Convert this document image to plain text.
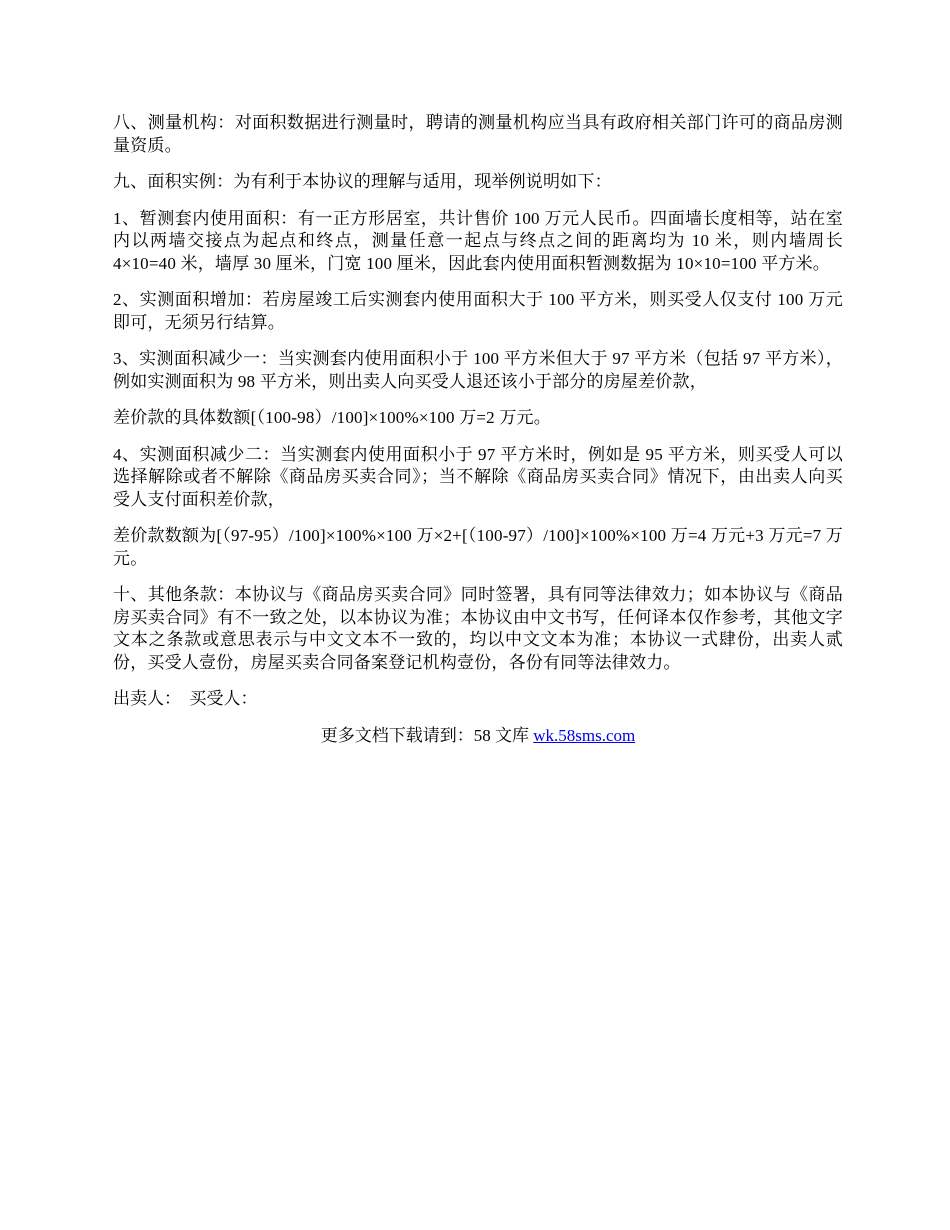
八、测量机构：对面积数据进行测量时，聘请的测量机构应当具有政府相关部门许可的商品房测量资质。

九、面积实例：为有利于本协议的理解与适用，现举例说明如下：

1、暂测套内使用面积：有一正方形居室，共计售价 100 万元人民币。四面墙长度相等，站在室内以两墙交接点为起点和终点，测量任意一起点与终点之间的距离均为 10 米，则内墙周长 4×10=40 米，墙厚 30 厘米，门宽 100 厘米，因此套内使用面积暂测数据为 10×10=100 平方米。

2、实测面积增加：若房屋竣工后实测套内使用面积大于 100 平方米，则买受人仅支付 100 万元即可，无须另行结算。

3、实测面积减少一：当实测套内使用面积小于 100 平方米但大于 97 平方米（包括 97 平方米），例如实测面积为 98 平方米，则出卖人向买受人退还该小于部分的房屋差价款，

差价款的具体数额[（100-98）/100]×100%×100 万=2 万元。

4、实测面积减少二：当实测套内使用面积小于 97 平方米时，例如是 95 平方米，则买受人可以选择解除或者不解除《商品房买卖合同》；当不解除《商品房买卖合同》情况下，由出卖人向买受人支付面积差价款，

差价款数额为[（97-95）/100]×100%×100 万×2+[（100-97）/100]×100%×100 万=4 万元+3 万元=7 万元。

十、其他条款：本协议与《商品房买卖合同》同时签署，具有同等法律效力；如本协议与《商品房买卖合同》有不一致之处，以本协议为准；本协议由中文书写，任何译本仅作参考，其他文字文本之条款或意思表示与中文文本不一致的，均以中文文本为准；本协议一式肆份，出卖人贰份，买受人壹份，房屋买卖合同备案登记机构壹份，各份有同等法律效力。

出卖人：  买受人：

更多文档下载请到：58 文库 wk.58sms.com
